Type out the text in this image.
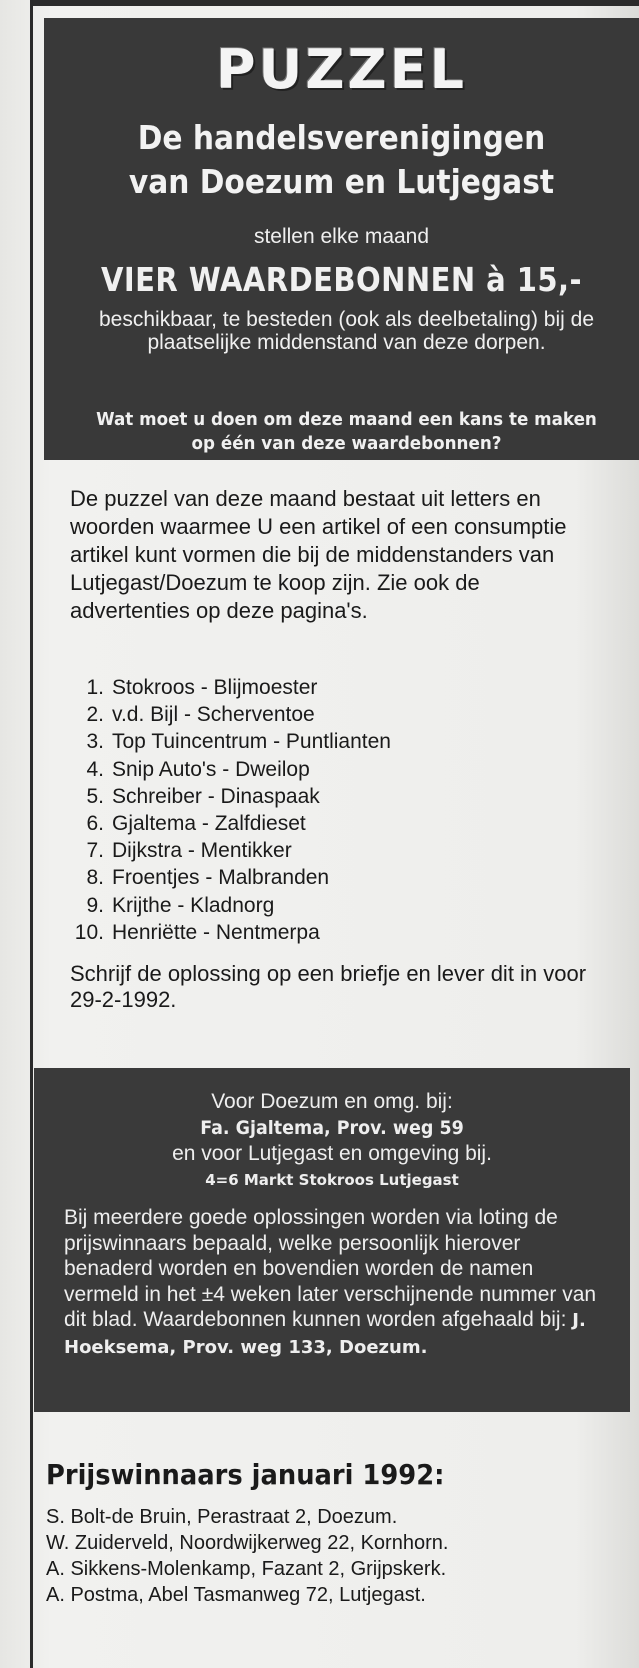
PUZZEL
De handelsverenigingen
van Doezum en Lutjegast
stellen elke maand
VIER WAARDEBONNEN à 15,-
beschikbaar, te besteden (ook als deelbetaling) bij de plaatselijke middenstand van deze dorpen.
Wat moet u doen om deze maand een kans te maken op één van deze waardebonnen?
De puzzel van deze maand bestaat uit letters en woorden waarmee U een artikel of een consumptie artikel kunt vormen die bij de middenstanders van Lutjegast/Doezum te koop zijn. Zie ook de advertenties op deze pagina's.
1. Stokroos - Blijmoester
2. v.d. Bijl - Scherventoe
3. Top Tuincentrum - Puntlianten
4. Snip Auto's - Dweilop
5. Schreiber - Dinaspaak
6. Gjaltema - Zalfdieset
7. Dijkstra - Mentikker
8. Froentjes - Malbranden
9. Krijthe - Kladnorg
10. Henriëtte - Nentmerpa
Schrijf de oplossing op een briefje en lever dit in voor 29-2-1992.
Voor Doezum en omg. bij:
Fa. Gjaltema, Prov. weg 59
en voor Lutjegast en omgeving bij.
4=6 Markt Stokroos Lutjegast
Bij meerdere goede oplossingen worden via loting de prijswinnaars bepaald, welke persoonlijk hierover benaderd worden en bovendien worden de namen vermeld in het ±4 weken later verschijnende nummer van dit blad. Waardebonnen kunnen worden afgehaald bij: J. Hoeksema, Prov. weg 133, Doezum.
Prijswinnaars januari 1992:
S. Bolt-de Bruin, Perastraat 2, Doezum.
W. Zuiderveld, Noordwijkerweg 22, Kornhorn.
A. Sikkens-Molenkamp, Fazant 2, Grijpskerk.
A. Postma, Abel Tasmanweg 72, Lutjegast.
